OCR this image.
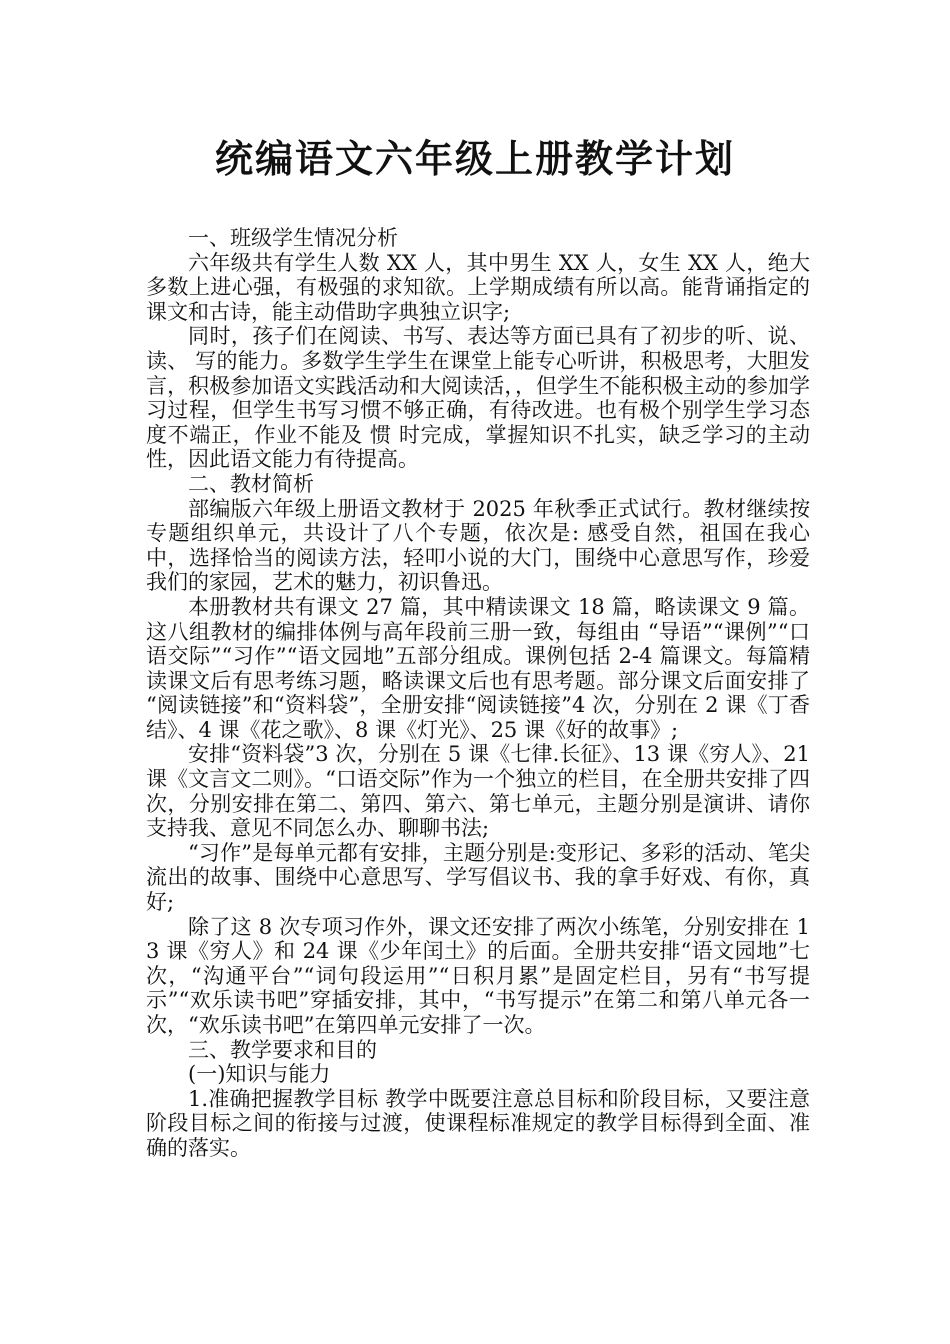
统编语文六年级上册教学计划

一、班级学生情况分析

六年级共有学生人数 XX 人，其中男生 XX 人，女生 XX 人，绝大多数上进心强，有极强的求知欲。上学期成绩有所以高。能背诵指定的课文和古诗，能主动借助字典独立识字;

同时，孩子们在阅读、书写、表达等方面已具有了初步的听、说、读、 写的能力。多数学生学生在课堂上能专心听讲，积极思考，大胆发言，积极参加语文实践活动和大阅读活，，但学生不能积极主动的参加学习过程，但学生书写习惯不够正确，有待改进。也有极个别学生学习态度不端正，作业不能及 惯 时完成，掌握知识不扎实，缺乏学习的主动性，因此语文能力有待提高。

二、教材简析

部编版六年级上册语文教材于 2025 年秋季正式试行。教材继续按专题组织单元，共设计了八个专题，依次是: 感受自然，祖国在我心中，选择恰当的阅读方法，轻叩小说的大门，围绕中心意思写作，珍爱我们的家园，艺术的魅力，初识鲁迅。

本册教材共有课文 27 篇，其中精读课文 18 篇，略读课文 9 篇。这八组教材的编排体例与高年段前三册一致，每组由 “导语”“课例”“口语交际”“习作”“语文园地”五部分组成。课例包括 2-4 篇课文。每篇精读课文后有思考练习题，略读课文后也有思考题。部分课文后面安排了 “阅读链接”和“资料袋”，全册安排“阅读链接”4 次，分别在 2 课《丁香结》、4 课《花之歌》、8 课《灯光》、25 课《好的故事》;

安排“资料袋”3 次，分别在 5 课《七律.长征》、13 课《穷人》、21 课《文言文二则》。“口语交际”作为一个独立的栏目，在全册共安排了四次，分别安排在第二、第四、第六、第七单元，主题分别是演讲、请你支持我、意见不同怎么办、聊聊书法;

“习作”是每单元都有安排，主题分别是:变形记、多彩的活动、笔尖流出的故事、围绕中心意思写、学写倡议书、我的拿手好戏、有你，真好;

除了这 8 次专项习作外，课文还安排了两次小练笔，分别安排在 13 课《穷人》和 24 课《少年闰土》的后面。全册共安排“语文园地”七次，“沟通平台”“词句段运用”“日积月累”是固定栏目，另有“书写提示”“欢乐读书吧”穿插安排，其中，“书写提示”在第二和第八单元各一次，“欢乐读书吧”在第四单元安排了一次。

三、教学要求和目的

(一)知识与能力

1.准确把握教学目标 教学中既要注意总目标和阶段目标，又要注意阶段目标之间的衔接与过渡，使课程标准规定的教学目标得到全面、准确的落实。
